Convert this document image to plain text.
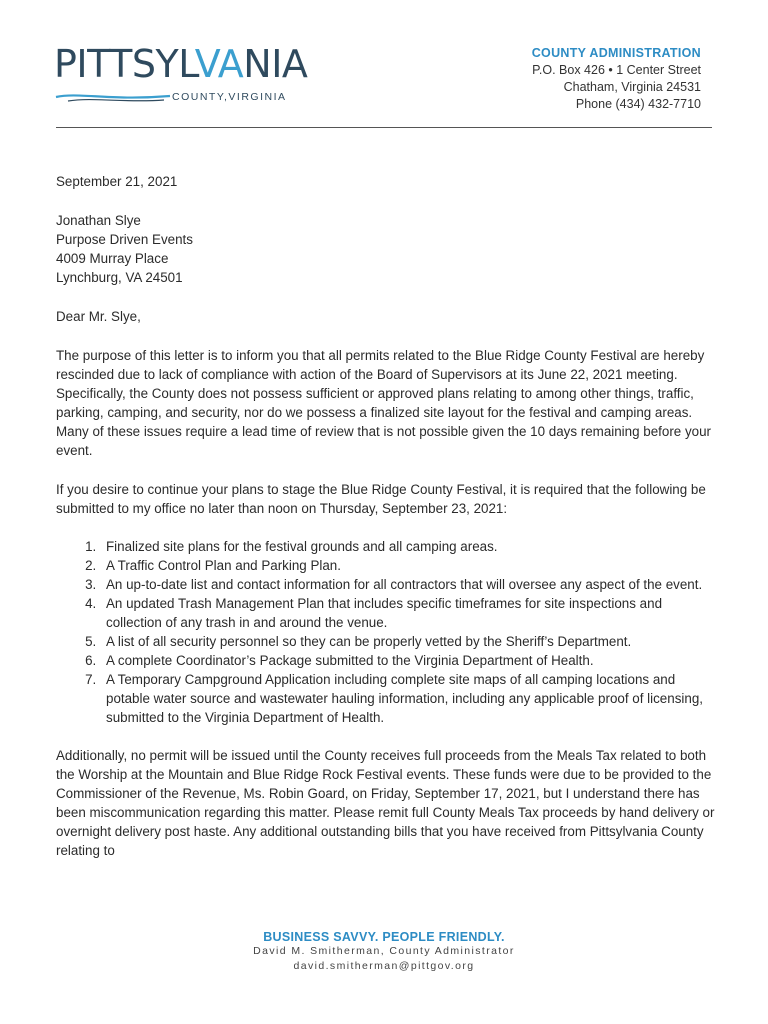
PITTSYLVANIA
COUNTY,VIRGINIA
COUNTY ADMINISTRATION
P.O. Box 426 • 1 Center Street
Chatham, Virginia 24531
Phone (434) 432-7710

September 21, 2021

Jonathan Slye

Purpose Driven Events

4009 Murray Place

Lynchburg, VA 24501

Dear Mr. Slye,

The purpose of this letter is to inform you that all permits related to the Blue Ridge County Festival are hereby rescinded due to lack of compliance with action of the Board of Supervisors at its June 22, 2021 meeting. Specifically, the County does not possess sufficient or approved plans relating to among other things, traffic, parking, camping, and security, nor do we possess a finalized site layout for the festival and camping areas. Many of these issues require a lead time of review that is not possible given the 10 days remaining before your event.

If you desire to continue your plans to stage the Blue Ridge County Festival, it is required that the following be submitted to my office no later than noon on Thursday, September 23, 2021:

1. Finalized site plans for the festival grounds and all camping areas.
2. A Traffic Control Plan and Parking Plan.
3. An up-to-date list and contact information for all contractors that will oversee any aspect of the event.
4. An updated Trash Management Plan that includes specific timeframes for site inspections and collection of any trash in and around the venue.
5. A list of all security personnel so they can be properly vetted by the Sheriff’s Department.
6. A complete Coordinator’s Package submitted to the Virginia Department of Health.
7. A Temporary Campground Application including complete site maps of all camping locations and potable water source and wastewater hauling information, including any applicable proof of licensing, submitted to the Virginia Department of Health.

Additionally, no permit will be issued until the County receives full proceeds from the Meals Tax related to both the Worship at the Mountain and Blue Ridge Rock Festival events. These funds were due to be provided to the Commissioner of the Revenue, Ms. Robin Goard, on Friday, September 17, 2021, but I understand there has been miscommunication regarding this matter. Please remit full County Meals Tax proceeds by hand delivery or overnight delivery post haste. Any additional outstanding bills that you have received from Pittsylvania County relating to

BUSINESS SAVVY. PEOPLE FRIENDLY.
David M. Smitherman, County Administrator
david.smitherman@pittgov.org
